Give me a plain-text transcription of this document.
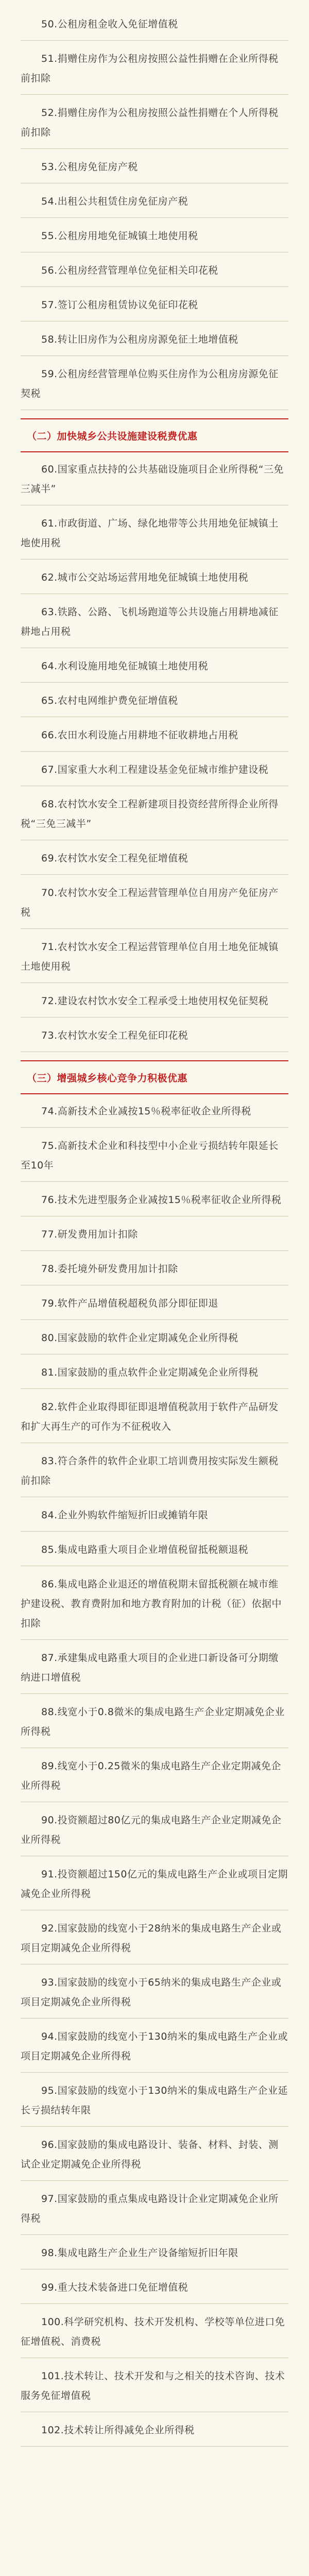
50.公租房租金收入免征增值税

51.捐赠住房作为公租房按照公益性捐赠在企业所得税前扣除

52.捐赠住房作为公租房按照公益性捐赠在个人所得税前扣除

53.公租房免征房产税

54.出租公共租赁住房免征房产税

55.公租房用地免征城镇土地使用税

56.公租房经营管理单位免征相关印花税

57.签订公租房租赁协议免征印花税

58.转让旧房作为公租房房源免征土地增值税

59.公租房经营管理单位购买住房作为公租房房源免征契税

（二）加快城乡公共设施建设税费优惠

60.国家重点扶持的公共基础设施项目企业所得税“三免三减半”

61.市政街道、广场、绿化地带等公共用地免征城镇土地使用税

62.城市公交站场运营用地免征城镇土地使用税

63.铁路、公路、飞机场跑道等公共设施占用耕地减征耕地占用税

64.水利设施用地免征城镇土地使用税

65.农村电网维护费免征增值税

66.农田水利设施占用耕地不征收耕地占用税

67.国家重大水利工程建设基金免征城市维护建设税

68.农村饮水安全工程新建项目投资经营所得企业所得税“三免三减半”

69.农村饮水安全工程免征增值税

70.农村饮水安全工程运营管理单位自用房产免征房产税

71.农村饮水安全工程运营管理单位自用土地免征城镇土地使用税

72.建设农村饮水安全工程承受土地使用权免征契税

73.农村饮水安全工程免征印花税

（三）增强城乡核心竞争力积极优惠

74.高新技术企业减按15％税率征收企业所得税

75.高新技术企业和科技型中小企业亏损结转年限延长至10年

76.技术先进型服务企业减按15％税率征收企业所得税

77.研发费用加计扣除

78.委托境外研发费用加计扣除

79.软件产品增值税超税负部分即征即退

80.国家鼓励的软件企业定期减免企业所得税

81.国家鼓励的重点软件企业定期减免企业所得税

82.软件企业取得即征即退增值税款用于软件产品研发和扩大再生产的可作为不征税收入

83.符合条件的软件企业职工培训费用按实际发生额税前扣除

84.企业外购软件缩短折旧或摊销年限

85.集成电路重大项目企业增值税留抵税额退税

86.集成电路企业退还的增值税期末留抵税额在城市维护建设税、教育费附加和地方教育附加的计税（征）依据中扣除

87.承建集成电路重大项目的企业进口新设备可分期缴纳进口增值税

88.线宽小于0.8微米的集成电路生产企业定期减免企业所得税

89.线宽小于0.25微米的集成电路生产企业定期减免企业所得税

90.投资额超过80亿元的集成电路生产企业定期减免企业所得税

91.投资额超过150亿元的集成电路生产企业或项目定期减免企业所得税

92.国家鼓励的线宽小于28纳米的集成电路生产企业或项目定期减免企业所得税

93.国家鼓励的线宽小于65纳米的集成电路生产企业或项目定期减免企业所得税

94.国家鼓励的线宽小于130纳米的集成电路生产企业或项目定期减免企业所得税

95.国家鼓励的线宽小于130纳米的集成电路生产企业延长亏损结转年限

96.国家鼓励的集成电路设计、装备、材料、封装、测试企业定期减免企业所得税

97.国家鼓励的重点集成电路设计企业定期减免企业所得税

98.集成电路生产企业生产设备缩短折旧年限

99.重大技术装备进口免征增值税

100.科学研究机构、技术开发机构、学校等单位进口免征增值税、消费税

101.技术转让、技术开发和与之相关的技术咨询、技术服务免征增值税

102.技术转让所得减免企业所得税
